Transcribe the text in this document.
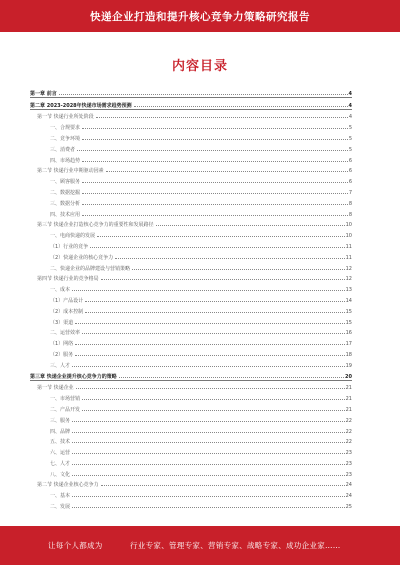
快递企业打造和提升核心竞争力策略研究报告
内容目录
第一章 前言	4
第二章 2023-2028年快递市场需求趋势预测	4
第一节 快递行业所处阶段	4
一、合规要求	5
二、竞争环境	5
三、消费者	5
四、市场趋势	6
第二节 快递行业中期驱动因素	6
一、顾客服务	6
二、数据挖掘	7
三、数据分析	8
四、技术应用	8
第三节 快递企业打造核心竞争力的重要性和发展路径	10
一、电商快递的发展	10
（1）行业的竞争	11
（2）快递企业的核心竞争力	11
二、快递企业的品牌建设与营销策略	12
第四节 快递行业的竞争格局	12
一、成本	13
（1）产品设计	14
（2）成本控制	15
（3）渠道	15
二、运营效率	16
（1）网络	17
（2）服务	18
三、人才	19
第三章 快递企业提升核心竞争力的策略	20
第一节 快递企业	21
一、市场营销	21
二、产品开发	21
三、服务	22
四、品牌	22
五、技术	22
六、运营	23
七、人才	23
八、文化	23
第二节 快递企业核心竞争力	24
一、基本	24
二、发展	25
让每个人都成为	行业专家、管理专家、营销专家、战略专家、成功企业家……
